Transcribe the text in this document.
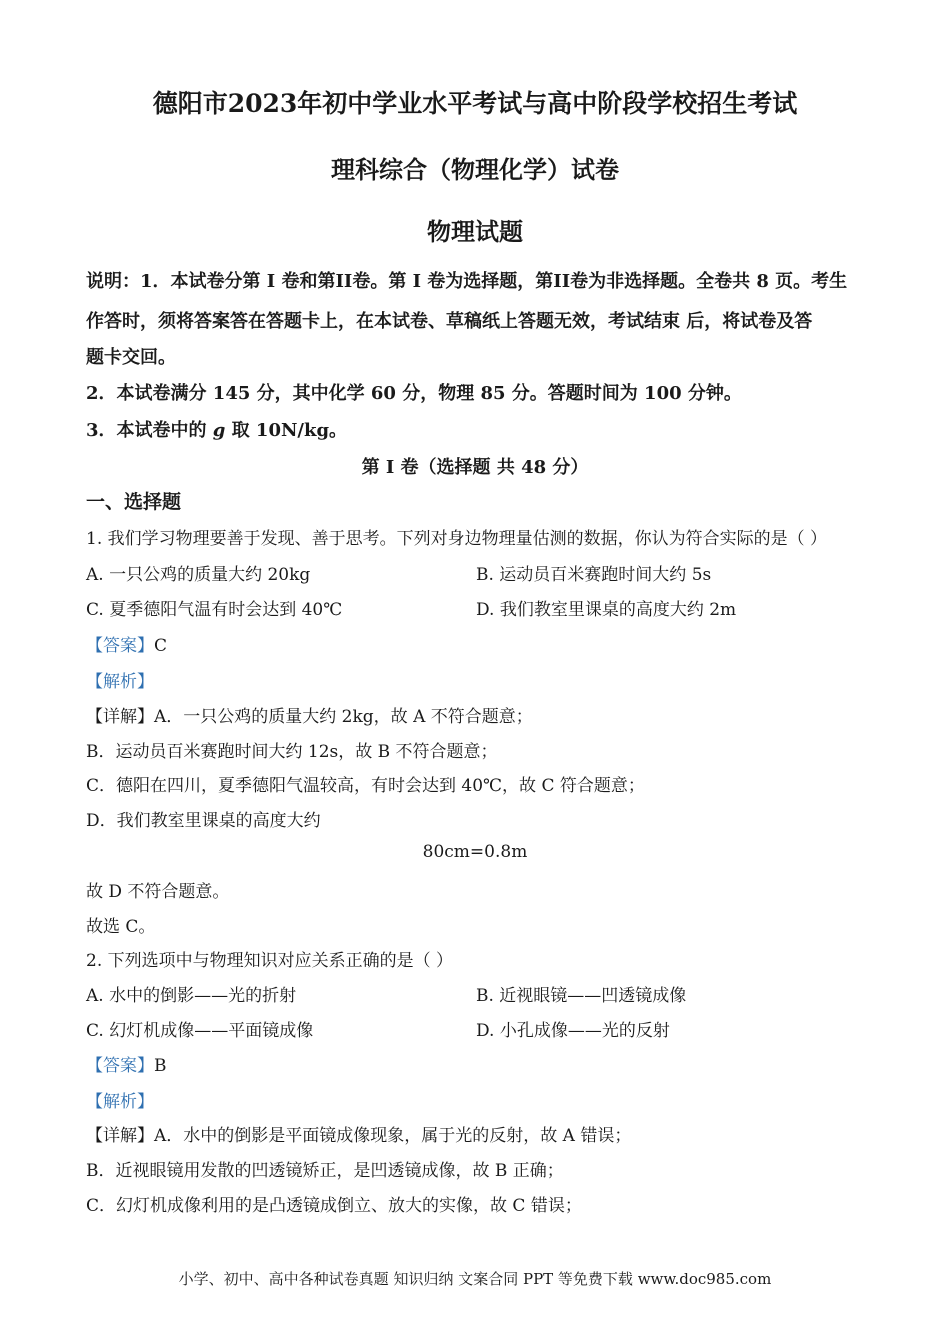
德阳市2023年初中学业水平考试与高中阶段学校招生考试
理科综合（物理化学）试卷
物理试题
说明：1．本试卷分第 I 卷和第II卷。第 I 卷为选择题，第II卷为非选择题。全卷共 8 页。考生
作答时，须将答案答在答题卡上，在本试卷、草稿纸上答题无效，考试结束 后，将试卷及答
题卡交回。
2．本试卷满分 145 分，其中化学 60 分，物理 85 分。答题时间为 100 分钟。
3．本试卷中的 g 取 10N/kg。
第 I 卷（选择题 共 48 分）
一、选择题
1. 我们学习物理要善于发现、善于思考。下列对身边物理量估测的数据，你认为符合实际的是（ ）
A. 一只公鸡的质量大约 20kg	B. 运动员百米赛跑时间大约 5s
C. 夏季德阳气温有时会达到 40℃	D. 我们教室里课桌的高度大约 2m
【答案】C
【解析】
【详解】A．一只公鸡的质量大约 2kg，故 A 不符合题意；
B．运动员百米赛跑时间大约 12s，故 B 不符合题意；
C．德阳在四川，夏季德阳气温较高，有时会达到 40℃，故 C 符合题意；
D．我们教室里课桌的高度大约
80cm=0.8m
故 D 不符合题意。
故选 C。
2. 下列选项中与物理知识对应关系正确的是（ ）
A. 水中的倒影——光的折射	B. 近视眼镜——凹透镜成像
C. 幻灯机成像——平面镜成像	D. 小孔成像——光的反射
【答案】B
【解析】
【详解】A．水中的倒影是平面镜成像现象，属于光的反射，故 A 错误；
B．近视眼镜用发散的凹透镜矫正，是凹透镜成像，故 B 正确；
C．幻灯机成像利用的是凸透镜成倒立、放大的实像，故 C 错误；
小学、初中、高中各种试卷真题 知识归纳 文案合同 PPT 等免费下载 www.doc985.com
